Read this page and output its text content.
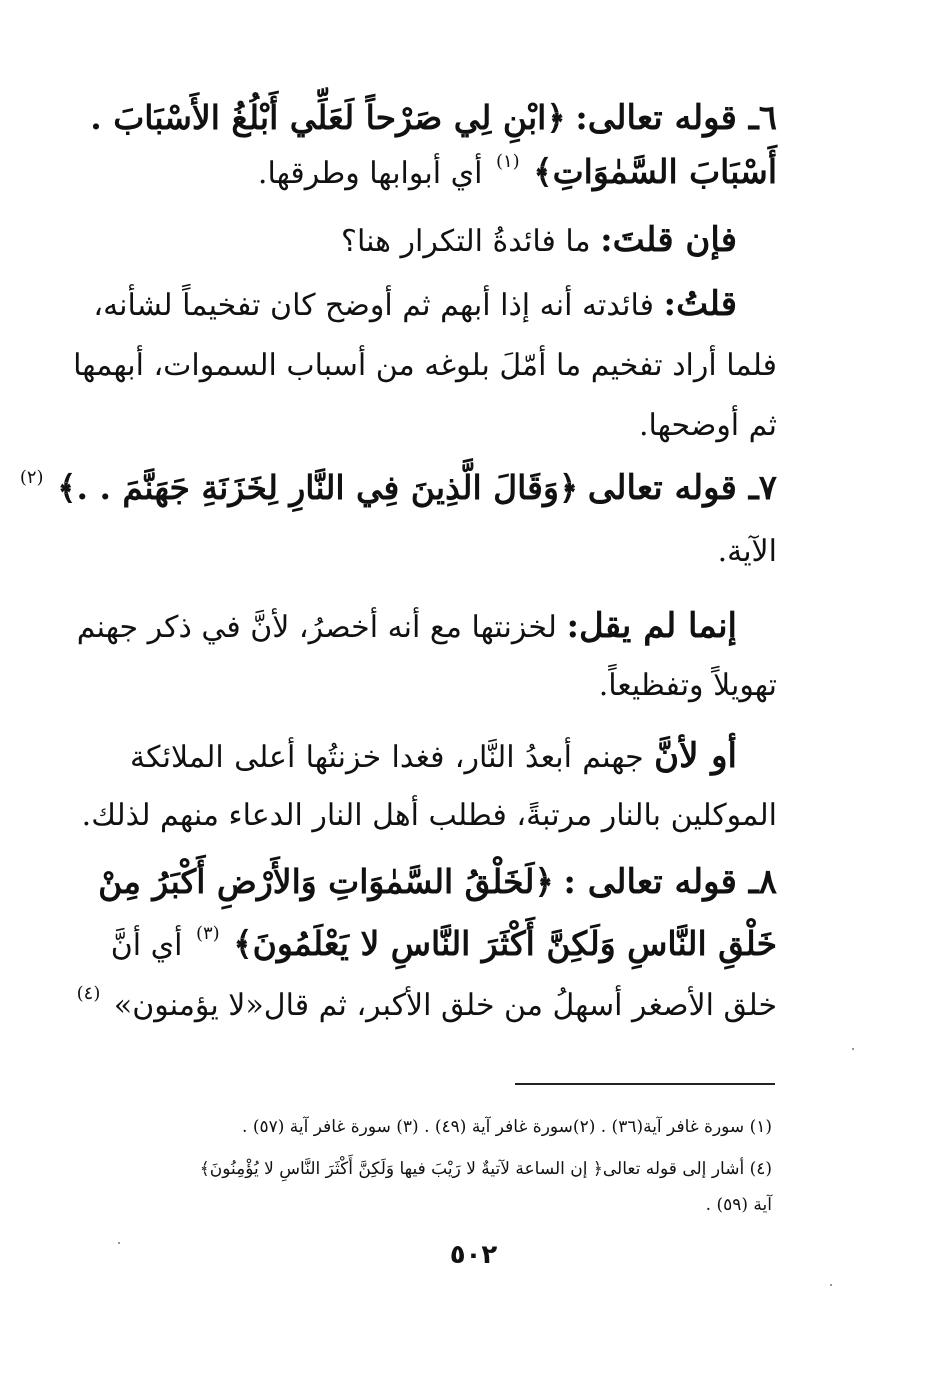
٦ـ قوله تعالى: ﴿ابْنِ لِي صَرْحاً لَعَلِّي أَبْلُغُ الأَسْبَابَ .
أَسْبَابَ السَّمٰوَاتِ﴾ $^{(١)}$ أي أبوابها وطرقها.
فإن قلتَ: ما فائدةُ التكرار هنا؟
قلتُ: فائدته أنه إذا أبهم ثم أوضح كان تفخيماً لشأنه،
فلما أراد تفخيم ما أمّلَ بلوغه من أسباب السموات، أبهمها
ثم أوضحها.
٧ـ قوله تعالى ﴿وَقَالَ الَّذِينَ فِي النَّارِ لِخَزَنَةِ جَهَنَّمَ . .﴾ $^{(٢)}$
الآية.
إنما لم يقل: لخزنتها مع أنه أخصرُ، لأنَّ في ذكر جهنم
تهويلاً وتفظيعاً.
أو لأنَّ جهنم أبعدُ النَّار، فغدا خزنتُها أعلى الملائكة
الموكلين بالنار مرتبةً، فطلب أهل النار الدعاء منهم لذلك.
٨ـ قوله تعالى : ﴿لَخَلْقُ السَّمٰوَاتِ وَالأَرْضِ أَكْبَرُ مِنْ
خَلْقِ النَّاسِ وَلَكِنَّ أَكْثَرَ النَّاسِ لا يَعْلَمُونَ﴾ $^{(٣)}$ أي أنَّ
خلق الأصغر أسهلُ من خلق الأكبر، ثم قال«لا يؤمنون» $^{(٤)}$
(١) سورة غافر آية(٣٦) . (٢)سورة غافر آية (٤٩) . (٣) سورة غافر آية (٥٧) .
(٤) أشار إلى قوله تعالى﴿ إن الساعة لآتيةٌ لا رَيْبَ فيها وَلَكِنَّ أَكْثَرَ النَّاسِ لا يُؤْمِنُونَ﴾
آية (٥٩) .
٥٠٢
